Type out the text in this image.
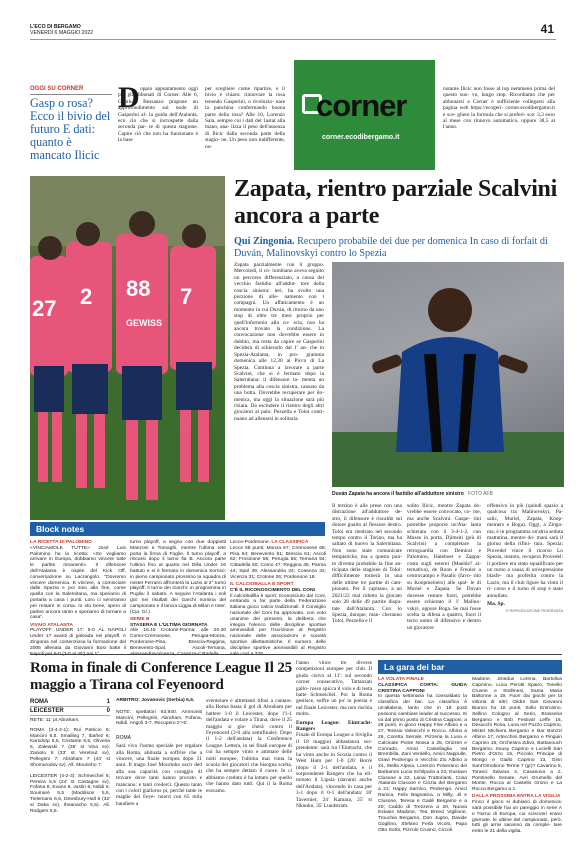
L'ECO DI BERGAMO
VENERDÌ 6 MAGGIO 2022	41
OGGI SU CORNER
Gasp o rosa? Ecco il bivio del futuro E dati: quanto è mancato Ilicic
D oppio appuntamento oggi per gli abbonati di Corner. Alle 6, Gianluca Bessanzo propone un approfondimento sul nodo di Gasperini al- la guida dell'Atalanta, ecn cio che si incrospette dalla seconda par- te di questa stagione. Capire ciò che non ha funzionato è la base
per scegliere come ripartire, e il bivio è chiaro: rinnovare la rosa tenendo Gasperini, o rivoluzio- nare la panchina confermando buona parte della rosa? Alle 10, Lorenzo Sala, sempre coi i dati del 1astat alla mano, ana- lizza il peso dell'assenza di Ilicic dalla seconda parte della stagio- ne. Un peso non indifferente, no-
corner
corner.ecodibergamo.it
notante Ilicic non fosse al top nemmeno prima del questo suo- vo, lungo stop. Ricordiamo che per abbonarsi a Corner è sufficiente collegarsi alla pagina web https://ecogeri- corner.ecodibergamo.it e sce- gliere la formula che si preferi- sce: 3,3 euro al mese con rinnovo automatico, oppure 38,5 al l'anno.
Zapata, rientro parziale Scalvini ancora a parte
Qui Zingonia. Recupero probabile dei due per domenica In caso di forfait di Duván, Malinovskyi contro lo Spezia
27 2 88 7
GEWISS
Zapata parzialmente con il gruppo. Mercoledì, il co- lombiano aveva seguito un percorso differenziato, a causa del vecchio fastidio all'addut- tore della coscia sinistra: ieri, ha svolto una porzione di alle- namento con i compagni. Un affaticamento è un momento in cui Duván, di ritorno da uno stop di oltre tre mesi proprio per quell'infortunio alla co- scia, non ha ancora trovato la condizione. La convocazione non dovrebbe essere in dubbio, ma resta da capire se Gasperini deciderà di schierarlo dal 1' an- che in Spezia-Atalanta, in pro- gramma domenica alle 12,30 al Picco di La Spezia. Continua a lavorare a parte Scalvini, che si è fermato dopo la Salernitana: il difensore la- menta un problema alla coscia sinistra, causato da una botta. Dovrebbe recuperare per do- menica, ma oggi la situazione sarà più chiara. Da escludere il rientro degli altri giocatori al palo: Pezzella e Toloi conti- nuano ad allenarsi in solitaria.
Duván Zapata ha ancora il fastidio all'adduttore sinistro FOTO AFB
Il terzino è alle prese con una distrazione all'adduttore de- stro, il difensore è riscaldo sul dolore guaito al flessore destro. Toloi era rientrato nel secondo tempo contro il Torino, ma ha saltato di nuovo la Salernitana. Non sono state comunicate tempistiche, ma a questo pun- to diventa probabile la fine an- ticipata della stagione di Toloi: difficilmente tornerà in una delle ultime tre partite di cam- pionato. Per il capitano, a un 2021/22 mal ridotto la giocato solo 28 delle 49 partite dispu- tate dall'Atalanta. Con lo Spezia, dunque, man- cheranno Toloi, Pezzella e il
solito Ilicic, mentre Zapata do- vrebbe essere convocato, co- me, ma anche Scalvini. Gaspe- rini potrebbe proporre un'Ata- lanta schierata con il 3-4-1-2, con Musso in porta, Djimsiti (più di Scalvini) a completare la retroguardia con Demiral e Palomino, Hateboer e Zappa- costa sugli esterni (Maehle? al- ternativa), de Roon e Freuler a centrocampo e Pasalic (favo- rito su Koopmeiners) alle spal- le di Muriel e Zapata. Se Duvan dovesse restare fuori, potrebbe essere schierato il 1' Malino- vskyi, oppure Boga. Se mai fosse scelta la difesa a quattro, fuori il terzo uomo di difensivo e dentro un giocatore
offensivo in più (quindi spazio a qualcosa tra Malinovskyi, Pa- salic, Muriel, Zapata, Koop- meiners e Boga). Oggi, a Zingo- nia, è in programma un'altra seduta mattutina, mentre do- mani sarà il giorno della rifini- tura. Spezia: Provedel vince il ricorso Lo Spezia, intanto, recupera Provedel: il portiere era stato squalificato per un turno a causa di un'espressione blasfe- ma proferita contro la Lazio, ma il club ligure ha vinto il ri- corso e il turno di stop è stato annullato.
Ma. Sp.
© RIPRODUZIONE RISERVATA
Block notes
LA RICETTA DI PALOMINO

«VINCIAMOLE TUTTE» Josè Luis Palomino ha la ricetta: «Se vogliamo arrivare in Europa, dobbiamo vincere tutte le partite rimanenti». Il difensore dell'Atalanta è ospite del Kick Off, conversazione su Lacrangolo. "Dovremo vincere domenica. E vincere, a cominciare dalle Spezia e poi sino alla fine, come quella con la Salernitana, ma speriamo di portarla a casa i punti. Loro ci serviranno per restare in corsa. Io sto bene, spero di partire ancora tanto e speriamo di tornare a casa".

VIVAIO ATALANTA

PLAYOFF UNDER 17: 5-0 AL NAPOLI Under 17 avanti di goleada nei playoff. A Zingonia nel contenziosa la formazione del 2005 allenata da Giovanni Bosi batte il Napoli per 5-0 (2-0 al 45') nei 1°

turno playoff, a segno con due doppietti Manzoni e Tornaghi, mentre l'ultima rete porta la firma di Foglie. Il turno playoff, a rincarsi dopo il turno fia B. Ancora parte l'ultimo fino al quarto nel Dilla Under 16 battuto e si è fermato in domenica Sorriso: in pieno campionato prossimo la squadra di mister Ferrario affronterà la Lazio al 2° turno playoff: il turno dei Garchi: in programma in Puglia: il sabato. A seguire l'Atalanta i soli gol: nei risultati dei Garchi nomina del campionato e il lancia Liggia di Milan e Inter. (Cia. Gr.)

SERIE B
STASERA E L'ULTIMA GIORNATA

Alle 16.15 Crotone-Parma; alle 20.30 Como-Cremonese, Perugia-Monza, Pordenone-Pisa, Brescia-Reggina, Benevento-Spal, Ascoli-Ternana, Alessandria-Vicenza, Cosenza-Cittadella

Lecce-Pordenone. LA CLASSIFICA

Lecce 68 punti; Monza 67; Cremonese 66; Pisa 64; Benevento 61; Brescia 61; Ascoli 62; Frosinone 56; Perugia 55; Ternana 54; Cittadella 50; Como 47; Reggina 45; Parma 44; Spal 39; Alessandria 34; Cosenza 32; Vicenza 31; Crotone 26; Pordenone 18.

IL CALCIOBALLA È SPORT
C'È IL RICONOSCIMENTO DEL CONI

Il calciobalilla è sport: riconosciuto dal Coni, entrando a far parte della Federazione italiana gioco calcio tradizionali. Il Consiglio nazionale del Coni ha approvato, con voto unanime dei presenti, la delibera che integra l'elenco delle discipline sportive ammissibili per l'iscrizione al Registro nazionale delle associazioni e società sportive dilettantistiche. Il numero delle discipline sportive ammissibili al Registro sale così a 379.

Roma in finale di Conference League Il 25 maggio a Tirana col Feyenoord
ROMA	1
LEICESTER	0
RETE: 11' pt Abraham.
ROMA (3-4-2-1): Rui Patricio 6; Mancini 6,5, Smalling 7, Ibañez 6; Karsdorp 6,5, Cristante 6,5, Oliveira 6, Zalewski 7 (35' st Vina sv); Zaniolo 6 (33' st Veretout sv), Pellegrini 7; Abraham 7 (44' st Shomurodov sv). All. Mourinho 7.
LEICESTER (4-2-3): Schmeichel 6; Pereira 5,5 (24' st Castagne sv), Fofana 6, Evans 6, Justin 6; Ndidi 6, Soumaré 5,5 (Maddison 5,5, Tielemans 6,5, Dewsbury-Hall 6 (32' st Daka sv), Iheanacho 6,5). All. Rodgers 5,5.
ARBITRO: Jovanovic (Serbia) 6,5.
NOTE: spettatori 63.940. Ammoniti Mancini, Pellegrini, Abraham, Fofana, Ndidi. Angoli 3-7. Recupero 2'+5'.
ROMA
Sarà vivo l'uomo speciale per regalare alla Roma, abituata a soffrire che a vincere, una finale europea dopo 31 anni. Il mago José Mourinho uscir ded alla sua capacità con coraggio di trovare dove tanti hanno provato e mancano: e tanti crederci. Questo tanto con i colori gialloros pi, perché tante le maglie del Feye- noord con 65 mila bandiere a
sventolare e altrettanti tifosi a cantare, alla Roma basta il gol di Abraham per battere 1-0 il Leicester, dopo l'1-1 dell'andata e volare a Tirana, dove il 25 maggio si gio- cherà contro il Feyenoord (2-0 alla semifinale). Dopo il 1-2 dell'andata) la Conference League. Lettera, in sei finali europee di cui ha sempre vinto e ammare delle notti europee, l'ultima mai vinta la scuola dei giocatori che bisogna scelta, che ha sempre dettato il cuore. In ci abbiamo creduto è ha lottato per quello che hanno dato tutti. Qui il la Roma eravamo.

l'anno vince tre diverse competizioni europee per club. Il giudo cisivo al 11': sul secondo corner consecutivo, Tattanzati gallo- rosso spicca il volo e di testa batte Schmeichel. Poi la Roma gestisce, soffre un po' in poesia e nel finale Leicester, ma non rischia molto.

Europa League: Eintracht-Rangers

Finale di Europa League a Siviglia il 18 maggio) abbastanza sor- prendente: sarà tra l'Eintracht, che ha vinto anche in Scozia contro il West Ham per 1-0 (26' Borré (dopo il 2-1 dell'andata, e il sorprendente Rangers che ha eli- minato il Lipsia (davanti anche dell'Andata), vincendo in casa per 3-1 dopo il 0-1 dell'andata: 18' Tavernier, 24' Kamara, 25' st Nkunku, 35' Lundstram.

La gara dei bar
LA VOLATA FINALE
CLASSIFICA CORTA: GUIDA CRISTINA CAPPONI

In questa settimana ha consolidato la classifica dei bar. La classifica è un'altalena, tanto che in 19 posti possono cambiare leader al successo. Si va dal primo posto di Cristina Capponi, a 28 punti, in gioco Happy Five Albino e a 27, Teresio Valsecchi e Rocco, Albino a 26, Coretta Serrale, Pizzeria la Luna e Calcinate Ponte Nossa a 25, Orizzeri e Conrado, Amici Castellaglia Val Brembilla, Zani Verdello, Amici Nappulle, Gravi Pedrengo e Vecchio Zio Albino a 24, Stella Alpina, Lorenzo Polverano dei Barbaroni Lucia Schilpario a 23, Gustavo Clusone a 22, Lanai Trattorianti, Cosa Atalanta Clusone e Cinzia del Bergamo a 21; Happy Sarnico, Pedrengo, Arnici Ranica, Felix Bagnatica, a Milly, Jil e Clusone, Teresa e Gadè Bergamo e a 20; Caddo di Trezzera a 20, Nuova Estasis Madone, Tea Breed Vigilione, Trouchia Bergamo, Don Jugno, Davide Gogilino, Stefano Ferla Vicolo, Papa Otto Sorbi, Pizzolo Crusno, Circoli

Madone, Jmedus Lorena, Bartollus Capmino, Luca Perotti Spairo, Tonello Crusne e Stollmesi, Santa Maria Baltonne a 19, Fuori dai giochi per la vittoria di altri: Gildre San Giovanni Bianco ha 18 punti, Sollo Entrusino, Sellino Cologno al Serio, Brasseria Bergamo e Bnb Festival Leffe 16, Desucchi Rosa, Luna nel Pozzo Caprino, Mister Michiera Bergamo e Bar Bonzzi Albino 17, Artecchini Bergamo e Pinguin Caprino 16, Orchestra Zdivo, Battanouch Bergamo, Sousy Caprino e Lucielli San Pietro d'Orzo 15, Piccolo Principe di Mongo e Giallo Caprino 13, Ginn Sant'Omobono Terme 7 (gr)? Cavarino 5, Torasci Salvara 4, Casanova a 2, Pomtinello Senate, Avri Grumello del Monte, Rocca al Castello Grono e La Rocca Bergamo a 1.

DALLA PROSSIMA ENTRA LA VIGILIA

Finco il gioco si dubiano di domenica: sarà possibile hai un pareggio in serie A e l'turno di Europa, cui sciscveri erano giornate. le ultime del campionato, però, tutti gli arrivi saranno da comple- tare entro le 21 della vigilia.
